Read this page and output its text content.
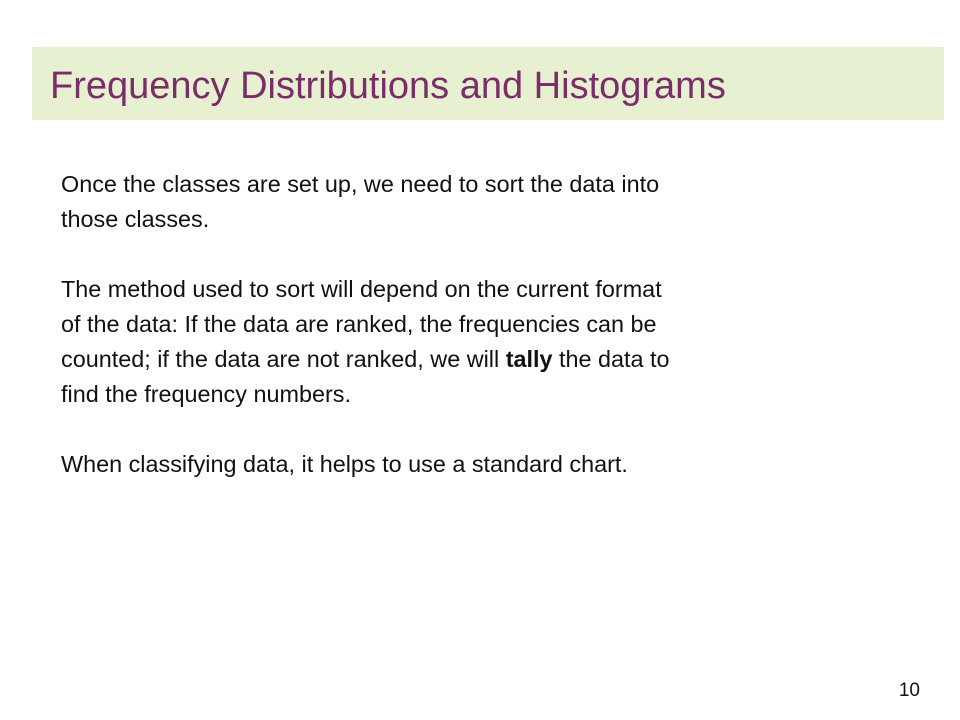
Frequency Distributions and Histograms

Once the classes are set up, we need to sort the data into
those classes.

The method used to sort will depend on the current format
of the data: If the data are ranked, the frequencies can be
counted; if the data are not ranked, we will tally the data to
find the frequency numbers.

When classifying data, it helps to use a standard chart.

10
